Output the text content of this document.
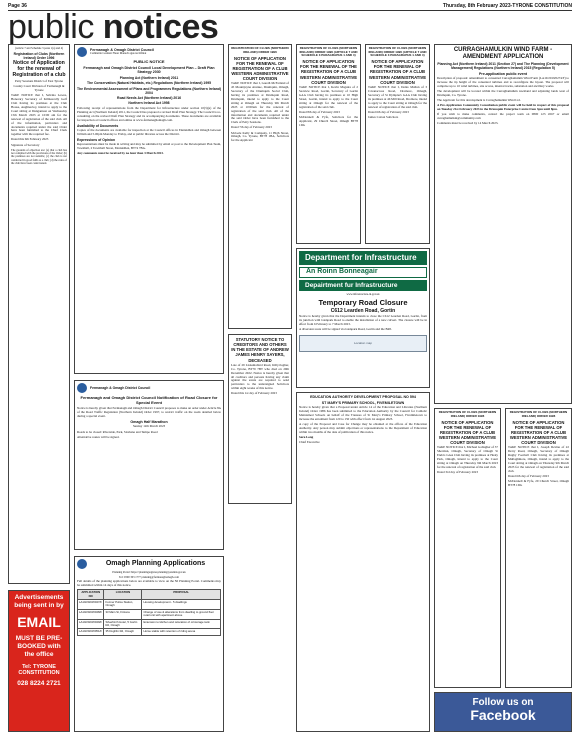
Page 36	Thursday, 8th February 2023-TYRONE CONSTITUTION
public notices

(Article 7 and Schedule 3 paras 1(a) and 4)

Registration of Clubs (Northern Ireland) Order 1996

Notice of Application for the renewal of Registration of a club

Petty Sessions District of East Tyrone

County Court Division of Fermanagh & Tyrone

TAKE NOTICE that I, Sabrina Lowes, Honorary Secretary of Kilmascally Golf Club having its premises at the Club House, Aughnacloy, intend to apply to the Court sitting at Dungannon on Wednesday 15th March 2023 at 10:00 am for the renewal of registration of the said club. All of the information, particulars and documents required under the said Order have been furnished to the Chief Clerk together with the required fee.

Dated this 6th February 2023

Signature of Secretary

The grounds of objection are: (a) that a club has not complied with the provisions of the Order; (b) the premises are not suitable; (c) the club is not conducted in good faith as a club; (d) the rules of the club have been contravened.

Advertisements being sent in by
EMAIL
MUST BE PRE-BOOKED with the office
Tel: TYRONE CONSTITUTION
028 8224 2721
Fermanagh & Omagh District Council
Comhairle Ceantair Fhear Manach agus na hÓmaí

PUBLIC NOTICE

Fermanagh and Omagh District Council Local Development Plan – Draft Plan Strategy 2030

Planning Act (Northern Ireland) 2011

The Conservation (Natural Habitats, etc.) Regulations (Northern Ireland) 1995

The Environmental Assessment of Plans and Programmes Regulations (Northern Ireland) 2004

Road Needs Act (Northern Ireland) 2016

Northern Ireland Act 1998

Following receipt of representations from the Department for Infrastructure under section 10(3)(a) of the Planning Act (Northern Ireland) 2011, the Council has prepared a revised Draft Plan Strategy. The Council is re-consulting on the revised Draft Plan Strategy and its accompanying documents. These documents are available for inspection at Council offices and online at www.fermanaghomagh.com.

Availability of Documents

Copies of the documents are available for inspection at the Council offices in Enniskillen and Omagh between 9.00am and 5.00pm Monday to Friday, and at public libraries across the District.

Expressions of Opinion

Representations must be made in writing and may be submitted by email or post to the Development Plan Team, Townhall, 2 Townhall Street, Enniskillen, BT74 7BA.

Any comments must be received by no later than 3 March 2023.

Fermanagh & Omagh District Council

Fermanagh and Omagh District Council Notification of Road Closure for Special Event

Notice is hereby given that Fermanagh and Omagh District Council proposes to make an order under Article 8A of the Road Traffic Regulation (Northern Ireland) Order 1997, to restrict traffic on the roads detailed below during a special event.

Omagh Half Marathon

Sunday 12th March 2023

Roads to be closed: Riverside, Park, Strabane and Tempo Road

Alternative routes will be signed.

Omagh Planning Applications

Planning Portal: https://planningregister.planningsystemni.gov.uk

Tel: 0300 303 1777 planning@fermanaghomagh.com

Full details of the planning applications below are available to view on the NI Planning Portal. Comments may be submitted within 14 days of this notice.

APPLICATION NO	LOCATION	PROPOSAL
LA10/2023/0047/F	Former Police Station, Omagh	Housing development - 5 dwellings
LA10/2023/0048/F	33 Main St, Fintona	Change of use & alterations from dwelling to ground floor retail unit with apartment above
LA10/2023/0049/F	Silverbirch Hotel, 5 Gortin Rd, Omagh	Extension to kitchen and relocation of oil storage tank
LA10/2023/0051/F	35 Dughlin Rd, Omagh	Horse stable with retention of riding arena

REGISTRATION OF CLUBS (NORTHERN IRELAND) ORDER 1996

NOTICE OF APPLICATION FOR THE RENEWAL OF REGISTRATION OF A CLUB WESTERN ADMINISTRATIVE COURT DIVISION

TAKE NOTICE that I, Gareth McFarland of 45 Mountjoyne Avenue, Drumquin, Omagh, Secretary of the Drumquin Social Club, having its premises at Drumquin Road, Drumquin, intend to apply to the Court sitting at Omagh on Thursday 9th March 2023 at 10:00am for the renewal of registration of the said club. All of the information and documents required under the said Order have been furnished to the Clerk of Petty Sessions.

Dated 7th day of February 2023

McGale Kelly & Company, 11 High Street, Omagh, Co. Tyrone, BT78 1BA, Solicitors for the Applicant

STATUTORY NOTICE TO CREDITORS AND OTHERS IN THE ESTATE OF ANDREW JAMES HENRY SAYERS, DECEASED

Late of 29 Lisnamallard Road, Killyclogher, Co. Tyrone, BT79 7BT who died on 29th December 2022. Notice is hereby given that all creditors and persons having any claim against the estate are required to send particulars to the undersigned Solicitors within eight weeks of this notice.

Dated this 1st day of February 2023

REGISTRATION OF CLUBS (NORTHERN IRELAND) ORDER 1996 (ARTICLE 7 AND SCHEDULE 3 PARAGRAPHS 1 AND 4)

NOTICE OF APPLICATION FOR THE RENEWAL OF THE REGISTRATION OF A CLUB WESTERN ADMINISTRATIVE COURT DIVISION

TAKE NOTICE that I, Kevin Maguire of 2 Seaview Road, Gortin, Secretary of Gortin GAA Club having its premises at 10 High Street, Gortin, intend to apply to the Court sitting at Omagh for the renewal of the registration of the said club.

Dated 8th day of February 2023

McDonnell & Fyfe, Solicitors for the Applicant, 29 Church Street, Omagh BT78 1DG

REGISTRATION OF CLUBS (NORTHERN IRELAND) ORDER 1996 (ARTICLE 7 AND SCHEDULE 3 PARAGRAPHS 1 AND 4)

NOTICE OF APPLICATION FOR THE RENEWAL OF REGISTRATION OF A CLUB WESTERN ADMINISTRATIVE COURT DIVISION

TAKE NOTICE that I, Denis Mullan of 3 Cavanacross Road, Dromore, Omagh, Secretary of St Dympna's GAA Club having its premises at 46 Mill Road, Dromore, intend to apply to the Court sitting at Omagh for the renewal of registration of the said club.

Dated 6th day of February 2023

James Cotton Solicitors

Department for Infrastructure
An Roinn Bonneagair
Depairtment fur Infrastructure

www.infrastructure-ni.gov.uk

Temporary Road Closure

C612 Learden Road, Gortin

Notice is hereby given that the Department intends to close the C612 Learden Road, Gortin, from its junction with Glenpark Road to enable the installation of a new culvert. The closure will be in effect from 6 February to 7 March 2023.

A diversion route will be signed via Glenpark Road, Gortin and the B48.

Location map

EDUCATION AUTHORITY DEVELOPMENT PROPOSAL NO 594

ST MARY'S PRIMARY SCHOOL, FIVEMILETOWN

Notice is hereby given that a Proposal under Article 14 of the Education and Libraries (Northern Ireland) Order 1986 has been submitted to the Education Authority by the Council for Catholic Maintained Schools on behalf of the Trustees of St Mary's Primary School, Fivemiletown to increase the enrolment from 120 to 150 with effect from 1st August 2023.

A copy of the Proposal and Case for Change may be obtained at the offices of the Education Authority. Any person may submit objections or representations to the Department of Education within two months of the date of publication of this notice.

Sara Long

Chief Executive

CURRAGHAMULKIN WIND FARM - AMENDMENT APPLICATION

Planning Act (Northern Ireland) 2011 (Section 27) and The Planning (Development Management) Regulations (Northern Ireland) 2015 (Regulation 5)

Pre-application public event

Description of proposal: amendment to consented Curraghamulkin Wind Farm (LA10/2019/0274/F) to increase the tip height of the consented turbines and to reconfigure the layout. The proposal will comprise up to 10 wind turbines, site access, internal tracks, substation and ancillary works.

The development will be located within the Curraghamulkin townland and adjoining lands west of Drumquin, Co. Tyrone.

The Applicant for this development is Curraghamulkin Wind Ltd.

A Pre-Application Community Consultation public event will be held in respect of this proposal on Tuesday 21st February 2023 in the Drumquin Enterprise Centre from 3pm until 8pm.

If you wish to make comments, contact the project team on 0800 123 4567 or email curraghamulkin@community.com

Comments must be received by 14 March 2023.

REGISTRATION OF CLUBS (NORTHERN IRELAND) ORDER 1996

NOTICE OF APPLICATION FOR THE RENEWAL OF REGISTRATION OF A CLUB WESTERN ADMINISTRATIVE COURT DIVISION

TAKE NOTICE that I, Michael Gallagher of 37 Sheridan, Omagh, Secretary of Omagh St Enda's GAA Club having its premises at Healy Park, Omagh, intend to apply to the Court sitting at Omagh on Thursday 9th March 2023 for the renewal of registration of the said club.

Dated 3rd day of February 2023

REGISTRATION OF CLUBS (NORTHERN IRELAND) ORDER 1996

NOTICE OF APPLICATION FOR THE RENEWAL OF REGISTRATION OF A CLUB WESTERN ADMINISTRATIVE COURT DIVISION

TAKE NOTICE that I, Joseph Devine of 22 Derry Road, Omagh, Secretary of Omagh Rugby Football Club having its premises at Mullaghmore, Omagh, intend to apply to the Court sitting at Omagh on Thursday 9th March 2023 for the renewal of registration of the said club.

Dated 6th day of February 2023

McDonnell & Fyfe, 29 Church Street, Omagh BT78 1DG

Follow us on
Facebook
